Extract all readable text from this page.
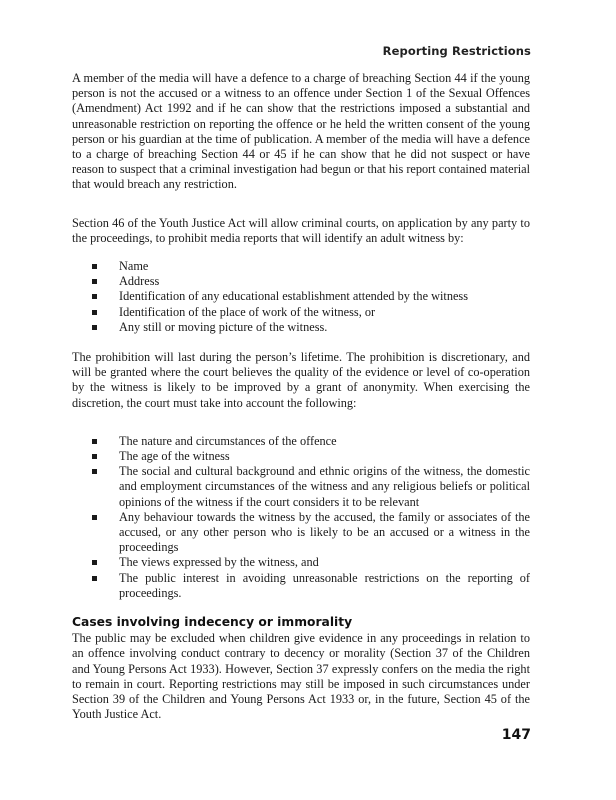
Reporting Restrictions

A member of the media will have a defence to a charge of breaching Section 44 if the young person is not the accused or a witness to an offence under Section 1 of the Sexual Offences (Amendment) Act 1992 and if he can show that the restrictions imposed a substantial and unreasonable restriction on reporting the offence or he held the written consent of the young person or his guardian at the time of publication. A member of the media will have a defence to a charge of breaching Section 44 or 45 if he can show that he did not suspect or have reason to suspect that a criminal investigation had begun or that his report contained material that would breach any restriction.

Section 46 of the Youth Justice Act will allow criminal courts, on application by any party to the proceedings, to prohibit media reports that will identify an adult witness by:

Name
Address
Identification of any educational establishment attended by the witness
Identification of the place of work of the witness, or
Any still or moving picture of the witness.

The prohibition will last during the person’s lifetime. The prohibition is discretionary, and will be granted where the court believes the quality of the evidence or level of co-operation by the witness is likely to be improved by a grant of anonymity. When exercising the discretion, the court must take into account the following:

The nature and circumstances of the offence
The age of the witness
The social and cultural background and ethnic origins of the witness, the domestic and employment circumstances of the witness and any religious beliefs or political opinions of the witness if the court considers it to be relevant
Any behaviour towards the witness by the accused, the family or associates of the accused, or any other person who is likely to be an accused or a witness in the proceedings
The views expressed by the witness, and
The public interest in avoiding unreasonable restrictions on the reporting of proceedings.
Cases involving indecency or immorality

The public may be excluded when children give evidence in any proceedings in relation to an offence involving conduct contrary to decency or morality (Section 37 of the Children and Young Persons Act 1933). However, Section 37 expressly confers on the media the right to remain in court. Reporting restrictions may still be imposed in such circumstances under Section 39 of the Children and Young Persons Act 1933 or, in the future, Section 45 of the Youth Justice Act.

147
